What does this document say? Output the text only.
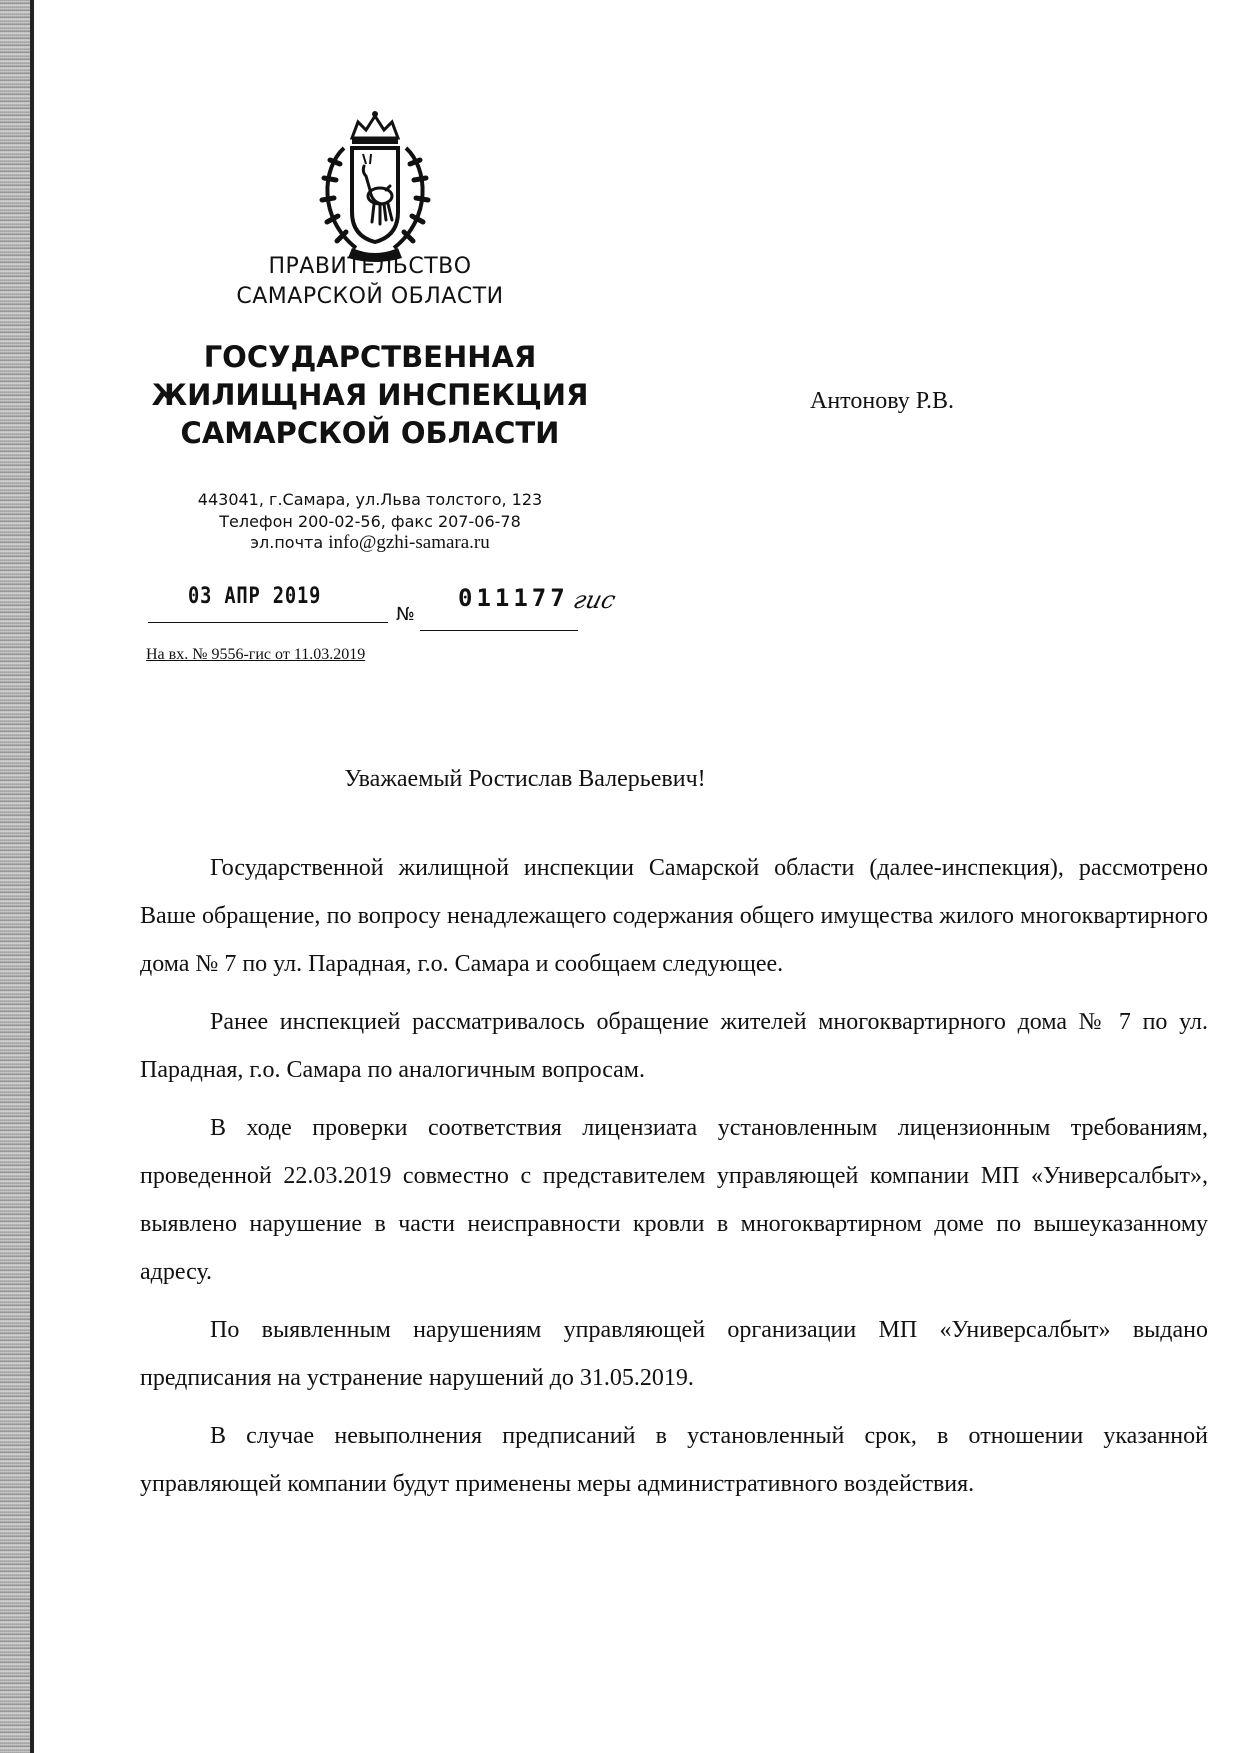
ПРАВИТЕЛЬСТВО
САМАРСКОЙ ОБЛАСТИ
ГОСУДАРСТВЕННАЯ
ЖИЛИЩНАЯ ИНСПЕКЦИЯ
САМАРСКОЙ ОБЛАСТИ
443041, г.Самара, ул.Льва толстого, 123
Телефон 200-02-56, факс 207-06-78
эл.почта info@gzhi-samara.ru
Антонову Р.В.
03 АПР 2019
№
011177 гис
На вх. № 9556-гис от 11.03.2019
Уважаемый Ростислав Валерьевич!

Государственной жилищной инспекции Самарской области (далее-инспекция), рассмотрено Ваше обращение, по вопросу ненадлежащего содержания общего имущества жилого многоквартирного дома № 7 по ул. Парадная, г.о. Самара и сообщаем следующее.

Ранее инспекцией рассматривалось обращение жителей многоквартирного дома № 7 по ул. Парадная, г.о. Самара по аналогичным вопросам.

В ходе проверки соответствия лицензиата установленным лицензионным требованиям, проведенной 22.03.2019 совместно с представителем управляющей компании МП «Универсалбыт», выявлено нарушение в части неисправности кровли в многоквартирном доме по вышеуказанному адресу.

По выявленным нарушениям управляющей организации МП «Универсалбыт» выдано предписания на устранение нарушений до 31.05.2019.

В случае невыполнения предписаний в установленный срок, в отношении указанной управляющей компании будут применены меры административного воздействия.
